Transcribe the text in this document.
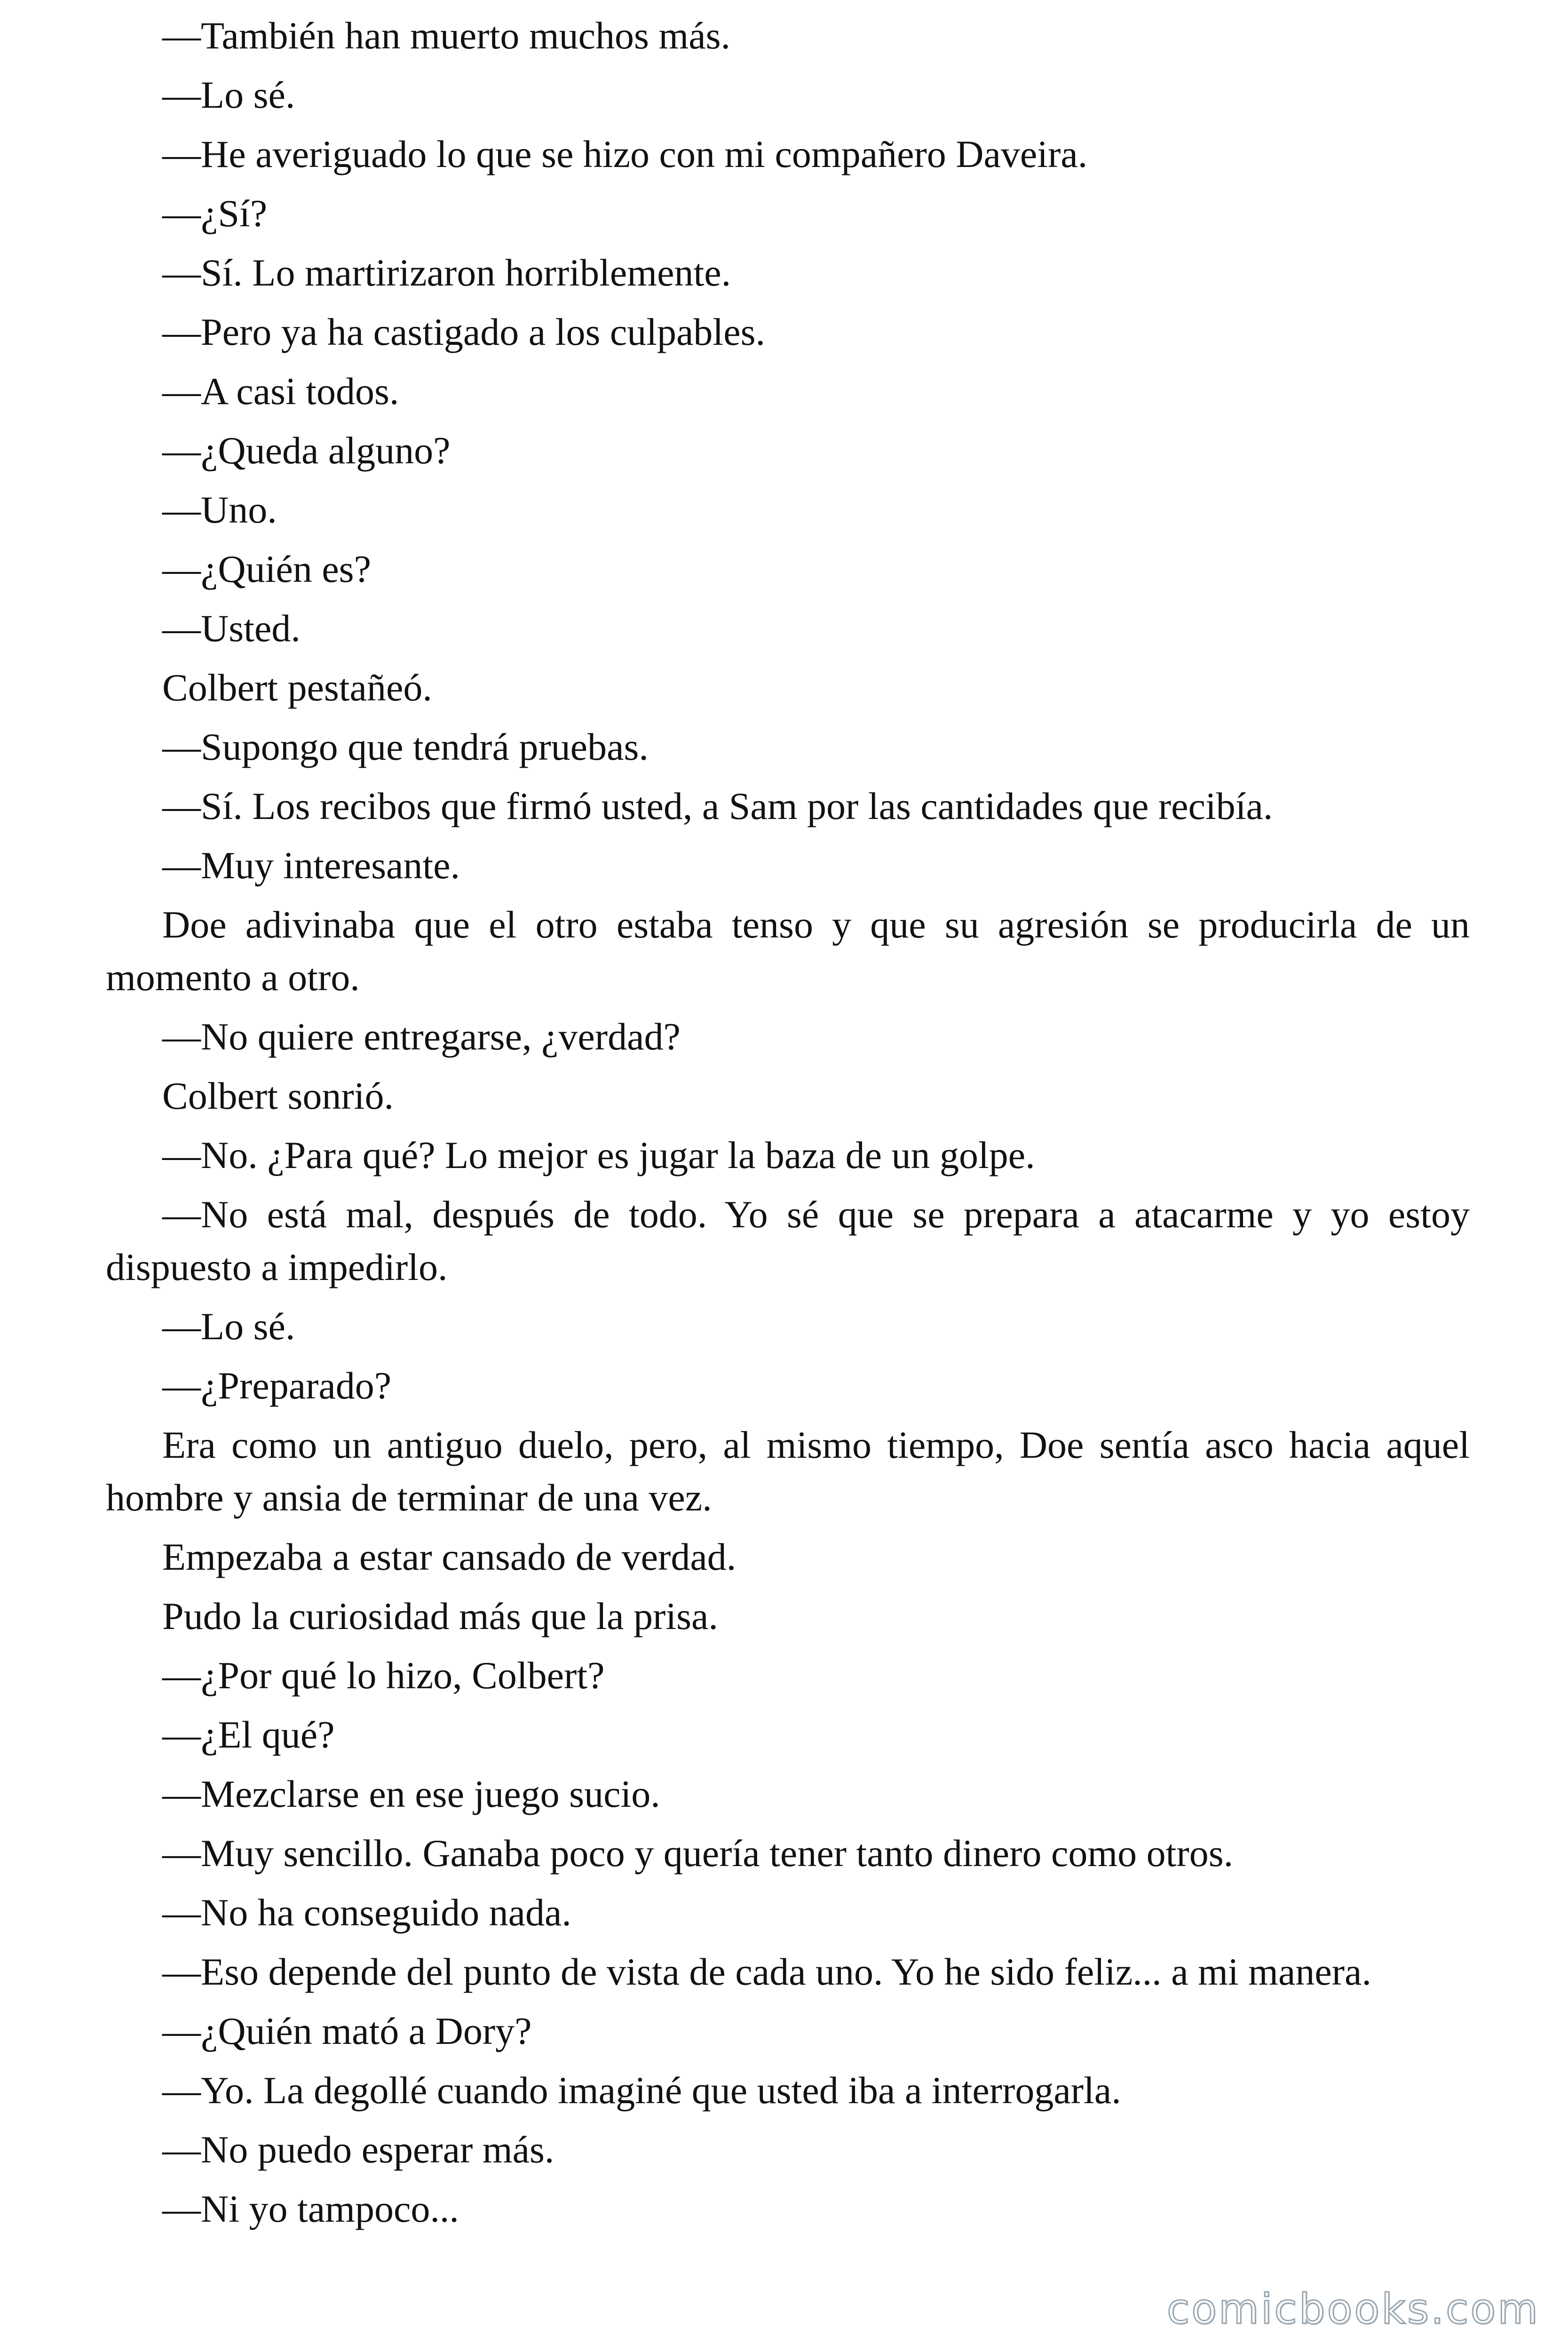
—También han muerto muchos más.

—Lo sé.

—He averiguado lo que se hizo con mi compañero Daveira.

—¿Sí?

—Sí. Lo martirizaron horriblemente.

—Pero ya ha castigado a los culpables.

—A casi todos.

—¿Queda alguno?

—Uno.

—¿Quién es?

—Usted.

Colbert pestañeó.

—Supongo que tendrá pruebas.

—Sí. Los recibos que firmó usted, a Sam por las cantidades que recibía.

—Muy interesante.

Doe adivinaba que el otro estaba tenso y que su agresión se producirla de un momento a otro.

—No quiere entregarse, ¿verdad?

Colbert sonrió.

—No. ¿Para qué? Lo mejor es jugar la baza de un golpe.

—No está mal, después de todo. Yo sé que se prepara a atacarme y yo estoy dispuesto a impedirlo.

—Lo sé.

—¿Preparado?

Era como un antiguo duelo, pero, al mismo tiempo, Doe sentía asco hacia aquel hombre y ansia de terminar de una vez.

Empezaba a estar cansado de verdad.

Pudo la curiosidad más que la prisa.

—¿Por qué lo hizo, Colbert?

—¿El qué?

—Mezclarse en ese juego sucio.

—Muy sencillo. Ganaba poco y quería tener tanto dinero como otros.

—No ha conseguido nada.

—Eso depende del punto de vista de cada uno. Yo he sido feliz... a mi manera.

—¿Quién mató a Dory?

—Yo. La degollé cuando imaginé que usted iba a interrogarla.

—No puedo esperar más.

—Ni yo tampoco...

comicbooks.com
